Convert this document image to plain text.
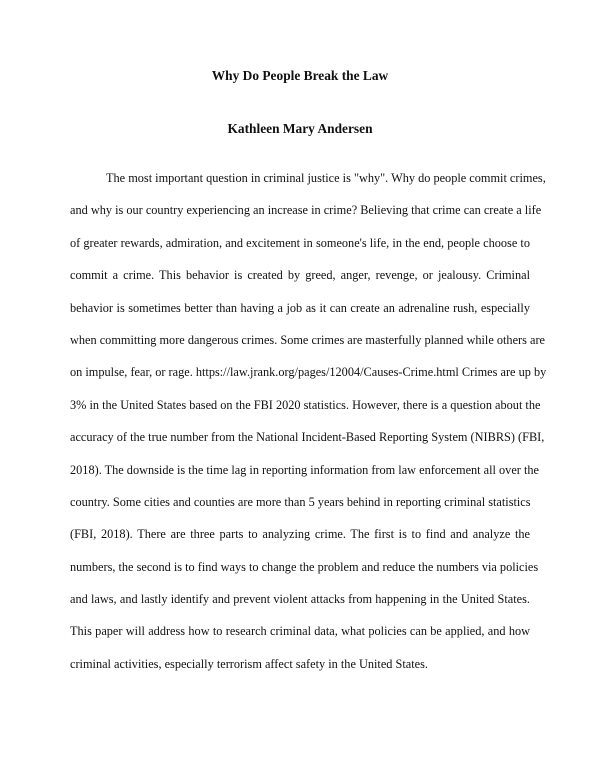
Why Do People Break the Law
Kathleen Mary Andersen

The most important question in criminal justice is "why". Why do people commit crimes,
and why is our country experiencing an increase in crime? Believing that crime can create a life
of greater rewards, admiration, and excitement in someone's life, in the end, people choose to
commit a crime. This behavior is created by greed, anger, revenge, or jealousy. Criminal
behavior is sometimes better than having a job as it can create an adrenaline rush, especially
when committing more dangerous crimes. Some crimes are masterfully planned while others are
on impulse, fear, or rage. https://law.jrank.org/pages/12004/Causes-Crime.html Crimes are up by
3% in the United States based on the FBI 2020 statistics. However, there is a question about the
accuracy of the true number from the National Incident-Based Reporting System (NIBRS) (FBI,
2018). The downside is the time lag in reporting information from law enforcement all over the
country. Some cities and counties are more than 5 years behind in reporting criminal statistics
(FBI, 2018). There are three parts to analyzing crime. The first is to find and analyze the
numbers, the second is to find ways to change the problem and reduce the numbers via policies
and laws, and lastly identify and prevent violent attacks from happening in the United States.
This paper will address how to research criminal data, what policies can be applied, and how
criminal activities, especially terrorism affect safety in the United States.
